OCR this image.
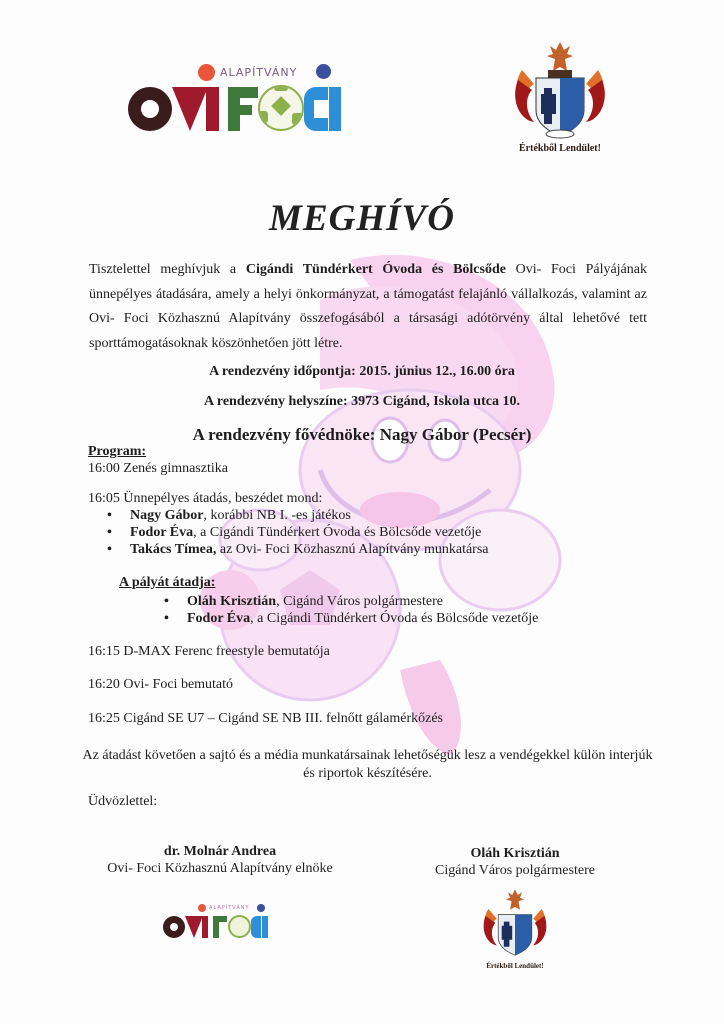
ALAPÍTVÁNY
Értékből Lendület!
MEGHÍVÓ
Tisztelettel meghívjuk a Cigándi Tündérkert Óvoda és Bölcsőde Ovi- Foci Pályájának ünnepélyes átadására, amely a helyi önkormányzat, a támogatást felajánló vállalkozás, valamint az Ovi- Foci Közhasznú Alapítvány összefogásából a társasági adótörvény által lehetővé tett sporttámogatásoknak köszönhetően jött létre.
A rendezvény időpontja: 2015. június 12., 16.00 óra
A rendezvény helyszíne: 3973 Cigánd, Iskola utca 10.
A rendezvény fővédnöke: Nagy Gábor (Pecsér)
Program:
16:00 Zenés gimnasztika
16:05 Ünnepélyes átadás, beszédet mond:
• Nagy Gábor, korábbi NB I. -es játékos
• Fodor Éva, a Cigándi Tündérkert Óvoda és Bölcsőde vezetője
• Takács Tímea, az Ovi- Foci Közhasznú Alapítvány munkatársa
A pályát átadja:
• Oláh Krisztián, Cigánd Város polgármestere
• Fodor Éva, a Cigándi Tündérkert Óvoda és Bölcsőde vezetője
16:15 D-MAX Ferenc freestyle bemutatója
16:20 Ovi- Foci bemutató
16:25 Cigánd SE U7 – Cigánd SE NB III. felnőtt gálamérkőzés
Az átadást követően a sajtó és a média munkatársainak lehetőségük lesz a vendégekkel külön interjúk és riportok készítésére.
Üdvözlettel:
dr. Molnár Andrea
Ovi- Foci Közhasznú Alapítvány elnöke
Oláh Krisztián
Cigánd Város polgármestere
ALAPÍTVÁNY
Értékből Lendület!
